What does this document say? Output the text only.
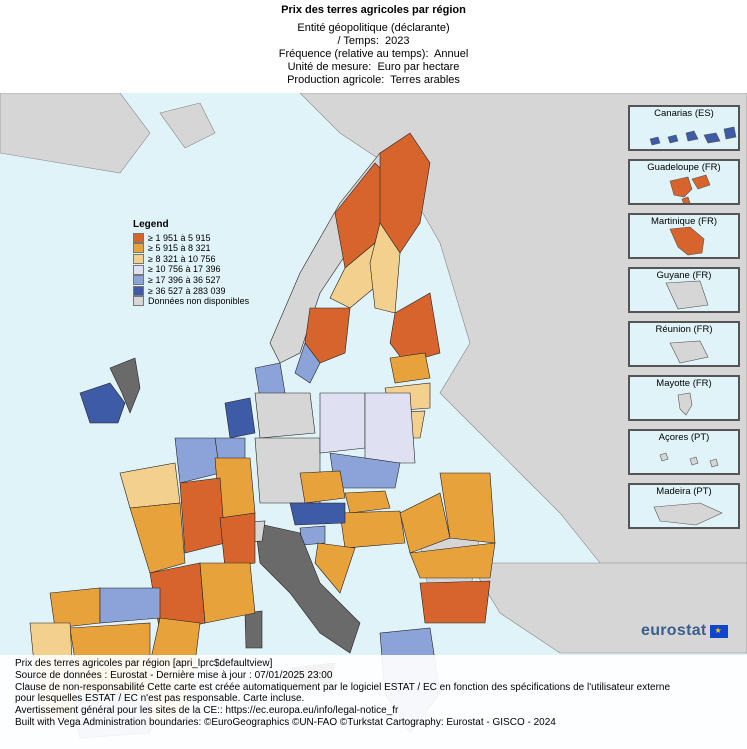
Prix des terres agricoles par région
Entité géopolitique (déclarante)
/ Temps:  2023
Fréquence (relative au temps):  Annuel
Unité de mesure:  Euro par hectare
Production agricole:  Terres arables
Legend
≥ 1 951 à 5 915
≥ 5 915 à 8 321
≥ 8 321 à 10 756
≥ 10 756 à 17 396
≥ 17 396 à 36 527
≥ 36 527 à 283 039
Données non disponibles
Canarias (ES)
Guadeloupe (FR)
Martinique (FR)
Guyane (FR)
Réunion (FR)
Mayotte (FR)
Açores (PT)
Madeira (PT)
eurostat ★
Prix des terres agricoles par région [apri_lprc$defaultview]
Source de données : Eurostat - Dernière mise à jour : 07/01/2025 23:00
Clause de non-responsabilité Cette carte est créée automatiquement par le logiciel ESTAT / EC en fonction des spécifications de l'utilisateur externe
pour lesquelles ESTAT / EC n'est pas responsable. Carte incluse.
Avertissement général pour les sites de la CE:: https://ec.europa.eu/info/legal-notice_fr
Built with Vega Administration boundaries: ©EuroGeographics ©UN-FAO ©Turkstat Cartography: Eurostat - GISCO - 2024
